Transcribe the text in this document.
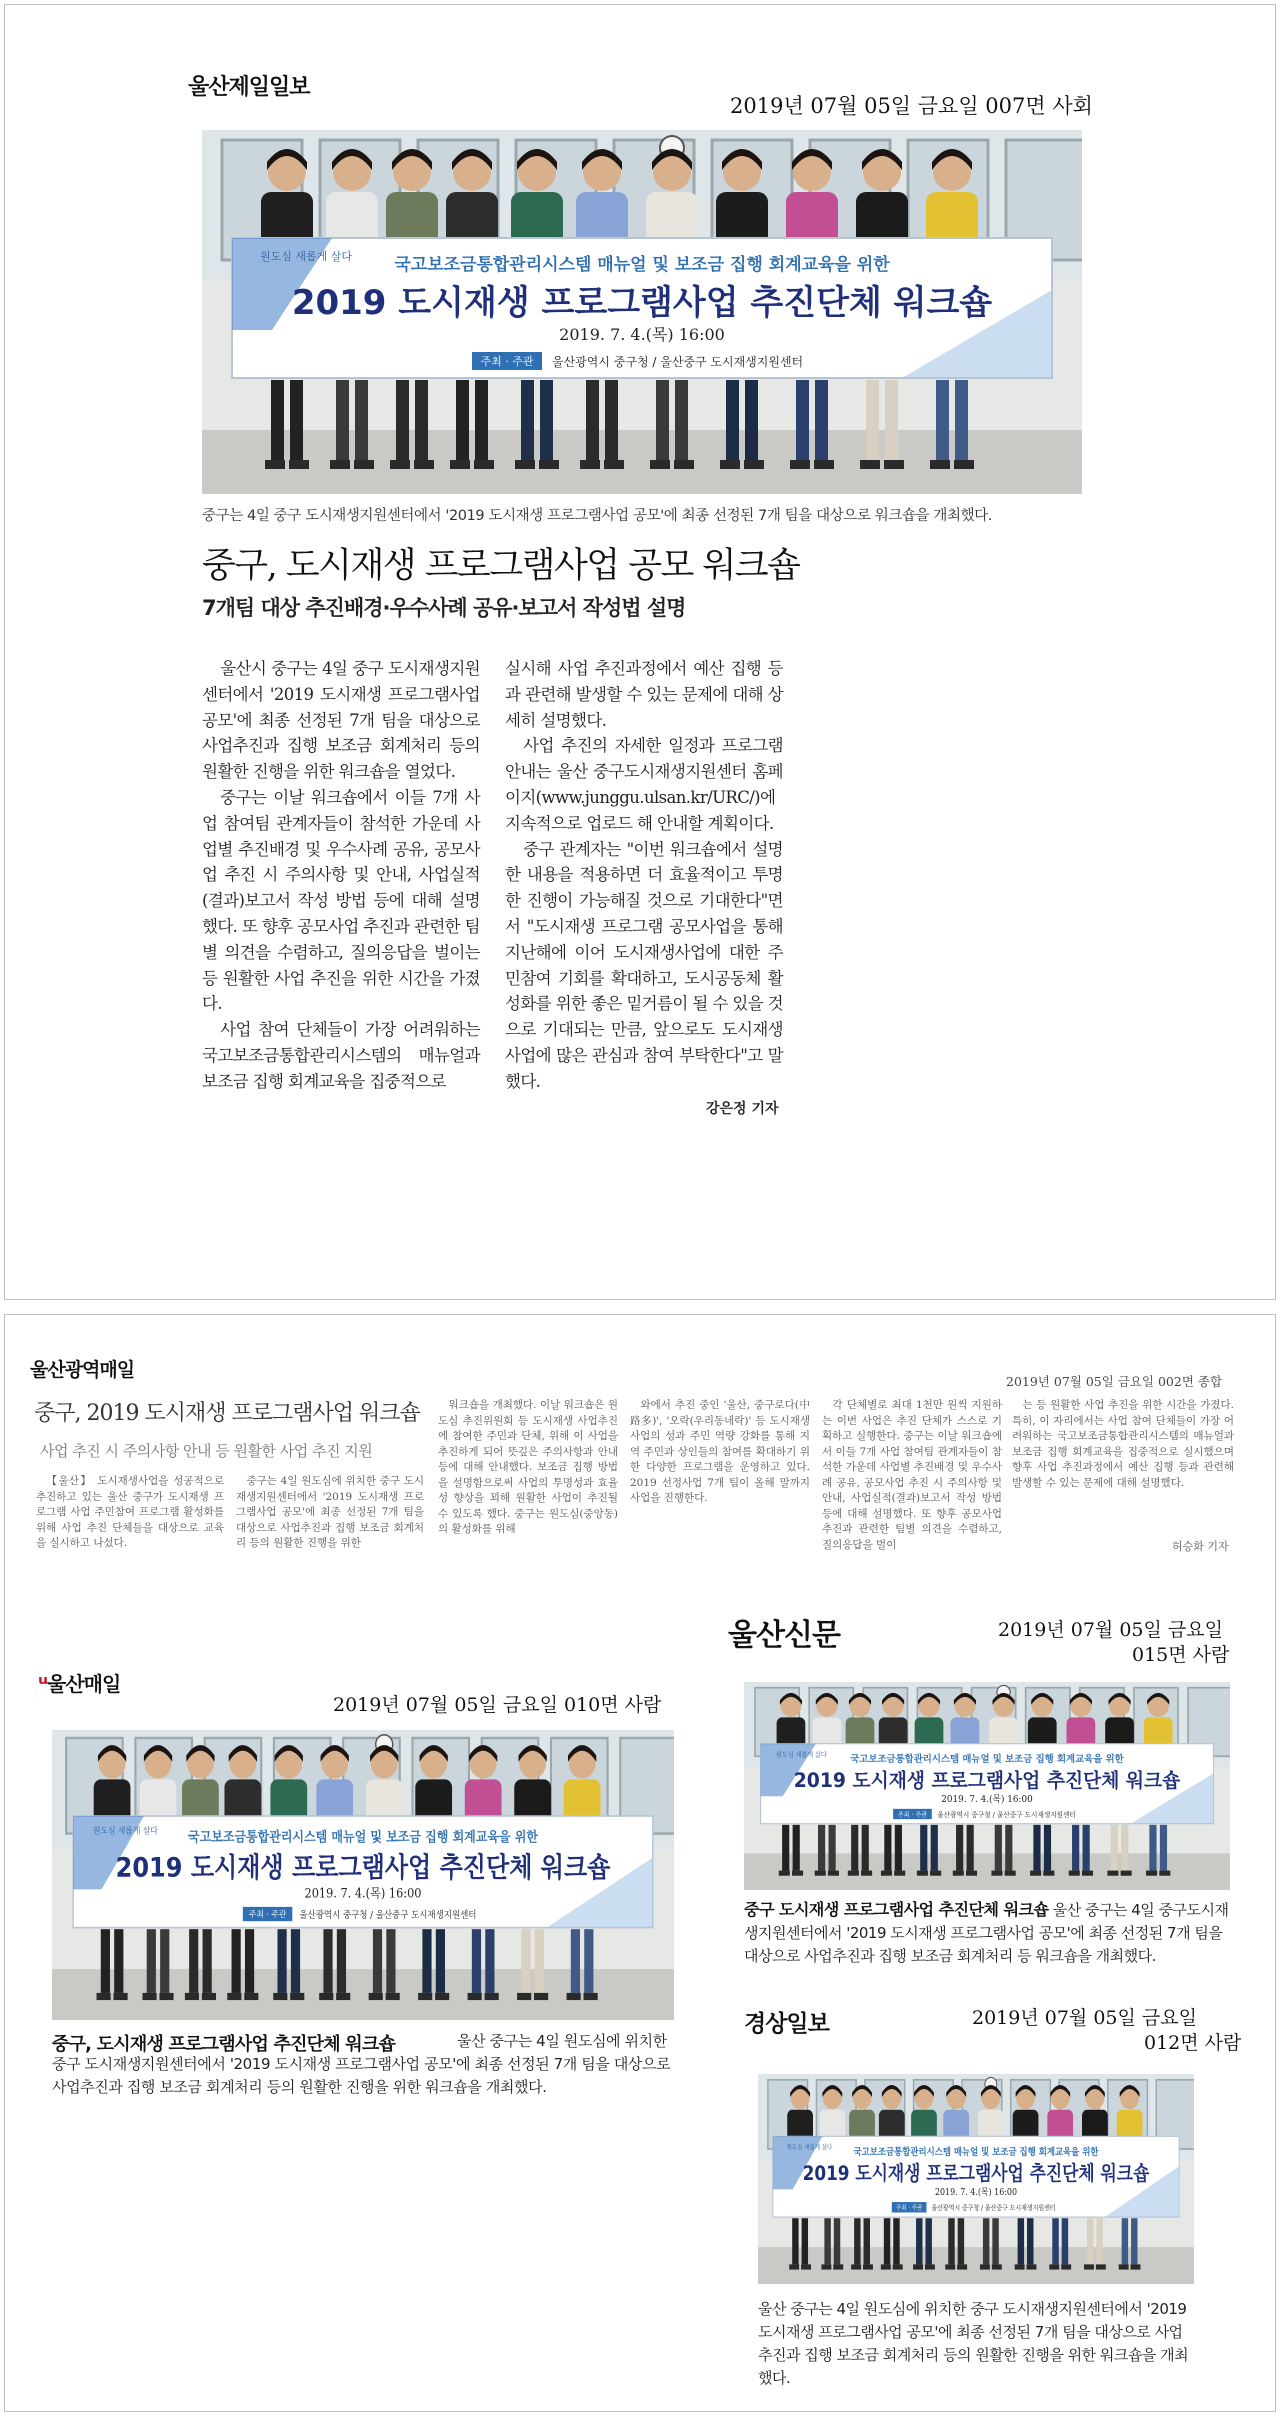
울산제일일보
2019년 07월 05일 금요일 007면 사회
원도심 새롭게 살다 국고보조금통합관리시스템 매뉴얼 및 보조금 집행 회계교육을 위한
2019 도시재생 프로그램사업 추진단체 워크숍
2019. 7. 4.(목) 16:00
주최 · 주관 울산광역시 중구청 / 울산중구 도시재생지원센터
중구는 4일 중구 도시재생지원센터에서 '2019 도시재생 프로그램사업 공모'에 최종 선정된 7개 팀을 대상으로 워크숍을 개최했다.
중구, 도시재생 프로그램사업 공모 워크숍
7개팀 대상 추진배경·우수사례 공유·보고서 작성법 설명

울산시 중구는 4일 중구 도시재생지원센터에서 '2019 도시재생 프로그램사업 공모'에 최종 선정된 7개 팀을 대상으로 사업추진과 집행 보조금 회계처리 등의 원활한 진행을 위한 워크숍을 열었다.

중구는 이날 워크숍에서 이들 7개 사업 참여팀 관계자들이 참석한 가운데 사업별 추진배경 및 우수사례 공유, 공모사업 추진 시 주의사항 및 안내, 사업실적(결과)보고서 작성 방법 등에 대해 설명했다. 또 향후 공모사업 추진과 관련한 팀별 의견을 수렴하고, 질의응답을 벌이는 등 원활한 사업 추진을 위한 시간을 가졌다.

사업 참여 단체들이 가장 어려워하는 국고보조금통합관리시스템의 매뉴얼과 보조금 집행 회계교육을 집중적으로

실시해 사업 추진과정에서 예산 집행 등과 관련해 발생할 수 있는 문제에 대해 상세히 설명했다.

사업 추진의 자세한 일정과 프로그램 안내는 울산 중구도시재생지원센터 홈페이지(www.junggu.ulsan.kr/URC/)에 지속적으로 업로드 해 안내할 계획이다.

중구 관계자는 "이번 워크숍에서 설명한 내용을 적용하면 더 효율적이고 투명한 진행이 가능해질 것으로 기대한다"면서 "도시재생 프로그램 공모사업을 통해 지난해에 이어 도시재생사업에 대한 주민참여 기회를 확대하고, 도시공동체 활성화를 위한 좋은 밑거름이 될 수 있을 것으로 기대되는 만큼, 앞으로도 도시재생사업에 많은 관심과 참여 부탁한다"고 말했다.

강은정 기자
울산광역매일
2019년 07월 05일 금요일 002면 종합
중구, 2019 도시재생 프로그램사업 워크숍
사업 추진 시 주의사항 안내 등 원활한 사업 추진 지원

【울산】 도시재생사업을 성공적으로 추진하고 있는 울산 중구가 도시재생 프로그램 사업 주민참여 프로그램 활성화를 위해 사업 추진 단체들을 대상으로 교육을 실시하고 나섰다.

중구는 4일 원도심에 위치한 중구 도시재생지원센터에서 '2019 도시재생 프로그램사업 공모'에 최종 선정된 7개 팀을 대상으로 사업추진과 집행 보조금 회계처리 등의 원활한 진행을 위한

워크숍을 개최했다. 이날 워크숍은 원도심 추진위원회 등 도시재생 사업추진에 참여한 주민과 단체, 위해 이 사업을 추진하게 되어 뜻깊은 주의사항과 안내 등에 대해 안내했다. 보조금 집행 방법을 설명함으로써 사업의 투명성과 효율성 향상을 꾀해 원활한 사업이 추진될 수 있도록 했다. 중구는 원도심(중앙동)의 활성화를 위해

와에서 추진 중인 '울산, 중구로다(中路多)', '오락(우리동네락)' 등 도시재생사업의 성과 주민 역량 강화를 통해 지역 주민과 상인들의 참여를 확대하기 위한 다양한 프로그램을 운영하고 있다. 2019 선정사업 7개 팀이 올해 말까지 사업을 진행한다.

각 단체별로 최대 1천만 원씩 지원하는 이번 사업은 추진 단체가 스스로 기획하고 실행한다. 중구는 이날 워크숍에서 이들 7개 사업 참여팀 관계자들이 참석한 가운데 사업별 추진배경 및 우수사례 공유, 공모사업 추진 시 주의사항 및 안내, 사업실적(결과)보고서 작성 방법 등에 대해 설명했다. 또 향후 공모사업 추진과 관련한 팀별 의견을 수렴하고, 질의응답을 벌이

는 등 원활한 사업 추진을 위한 시간을 가졌다. 특히, 이 자리에서는 사업 참여 단체들이 가장 어려워하는 국고보조금통합관리시스템의 매뉴얼과 보조금 집행 회계교육을 집중적으로 실시했으며 향후 사업 추진과정에서 예산 집행 등과 관련해 발생할 수 있는 문제에 대해 설명했다.

허승화 기자
ᵘ울산매일
2019년 07월 05일 금요일 010면 사람
원도심 새롭게 살다 국고보조금통합관리시스템 매뉴얼 및 보조금 집행 회계교육을 위한
2019 도시재생 프로그램사업 추진단체 워크숍
2019. 7. 4.(목) 16:00
주최 · 주관 울산광역시 중구청 / 울산중구 도시재생지원센터
중구, 도시재생 프로그램사업 추진단체 워크숍	울산 중구는 4일 원도심에 위치한 중구 도시재생지원센터에서 '2019 도시재생 프로그램사업 공모'에 최종 선정된 7개 팀을 대상으로 사업추진과 집행 보조금 회계처리 등의 원활한 진행을 위한 워크숍을 개최했다.
울산신문	2019년 07월 05일 금요일
015면 사람
원도심 새롭게 살다 국고보조금통합관리시스템 매뉴얼 및 보조금 집행 회계교육을 위한
2019 도시재생 프로그램사업 추진단체 워크숍
2019. 7. 4.(목) 16:00
주최 · 주관 울산광역시 중구청 / 울산중구 도시재생지원센터
중구 도시재생 프로그램사업 추진단체 워크숍 울산 중구는 4일 중구도시재생지원센터에서 '2019 도시재생 프로그램사업 공모'에 최종 선정된 7개 팀을 대상으로 사업추진과 집행 보조금 회계처리 등 워크숍을 개최했다.
경상일보	2019년 07월 05일 금요일
012면 사람
원도심 새롭게 살다 국고보조금통합관리시스템 매뉴얼 및 보조금 집행 회계교육을 위한
2019 도시재생 프로그램사업 추진단체 워크숍
2019. 7. 4.(목) 16:00
주최 · 주관 울산광역시 중구청 / 울산중구 도시재생지원센터
울산 중구는 4일 원도심에 위치한 중구 도시재생지원센터에서 '2019 도시재생 프로그램사업 공모'에 최종 선정된 7개 팀을 대상으로 사업추진과 집행 보조금 회계처리 등의 원활한 진행을 위한 워크숍을 개최했다.
